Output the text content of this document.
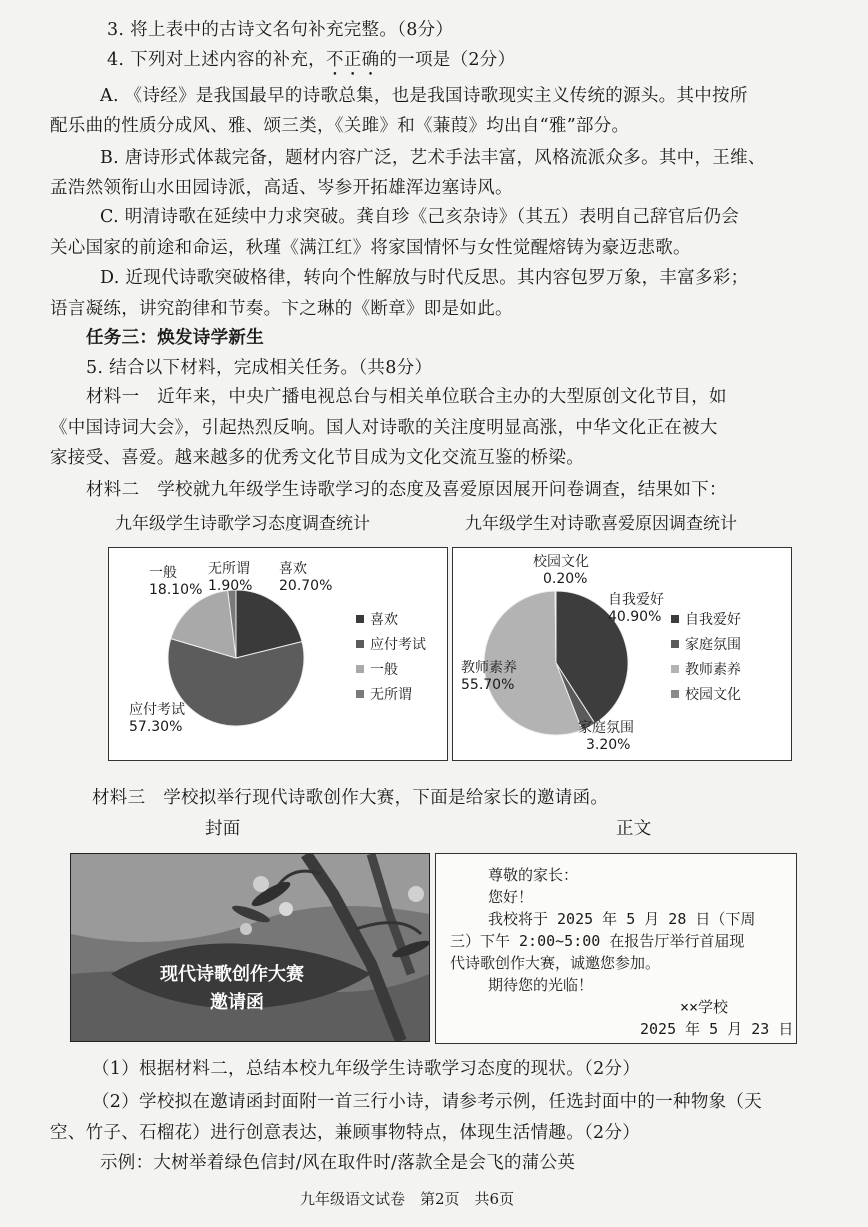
3. 将上表中的古诗文名句补充完整。（8分）
4. 下列对上述内容的补充，不正确的一项是（2分）
A. 《诗经》是我国最早的诗歌总集，也是我国诗歌现实主义传统的源头。其中按所
配乐曲的性质分成风、雅、颂三类，《关雎》和《蒹葭》均出自“雅”部分。
B. 唐诗形式体裁完备，题材内容广泛，艺术手法丰富，风格流派众多。其中，王维、
孟浩然领衔山水田园诗派，高适、岑参开拓雄浑边塞诗风。
C. 明清诗歌在延续中力求突破。龚自珍《己亥杂诗》（其五）表明自己辞官后仍会
关心国家的前途和命运，秋瑾《满江红》将家国情怀与女性觉醒熔铸为豪迈悲歌。
D. 近现代诗歌突破格律，转向个性解放与时代反思。其内容包罗万象，丰富多彩；
语言凝练，讲究韵律和节奏。卞之琳的《断章》即是如此。
任务三：焕发诗学新生
5. 结合以下材料，完成相关任务。（共8分）
材料一　近年来，中央广播电视总台与相关单位联合主办的大型原创文化节目，如
《中国诗词大会》，引起热烈反响。国人对诗歌的关注度明显高涨，中华文化正在被大
家接受、喜爱。越来越多的优秀文化节目成为文化交流互鉴的桥梁。
材料二　学校就九年级学生诗歌学习的态度及喜爱原因展开问卷调查，结果如下：
九年级学生诗歌学习态度调查统计	九年级学生对诗歌喜爱原因调查统计
一般
18.10%
无所谓
1.90%
喜欢
20.70%
应付考试
57.30%
喜欢
应付考试
一般
无所谓
校园文化
0.20%
自我爱好
40.90%
教师素养
55.70%
家庭氛围
3.20%
自我爱好
家庭氛围
教师素养
校园文化
材料三　学校拟举行现代诗歌创作大赛，下面是给家长的邀请函。
封面	正文
现代诗歌创作大赛
邀请函
尊敬的家长：
您好！
我校将于 2025 年 5 月 28 日（下周
三）下午 2:00~5:00 在报告厅举行首届现
代诗歌创作大赛，诚邀您参加。
期待您的光临！
××学校
2025 年 5 月 23 日
（1）根据材料二，总结本校九年级学生诗歌学习态度的现状。（2分）
（2）学校拟在邀请函封面附一首三行小诗，请参考示例，任选封面中的一种物象（天
空、竹子、石榴花）进行创意表达，兼顾事物特点，体现生活情趣。（2分）
示例：大树举着绿色信封/风在取件时/落款全是会飞的蒲公英
九年级语文试卷　第2页　共6页
